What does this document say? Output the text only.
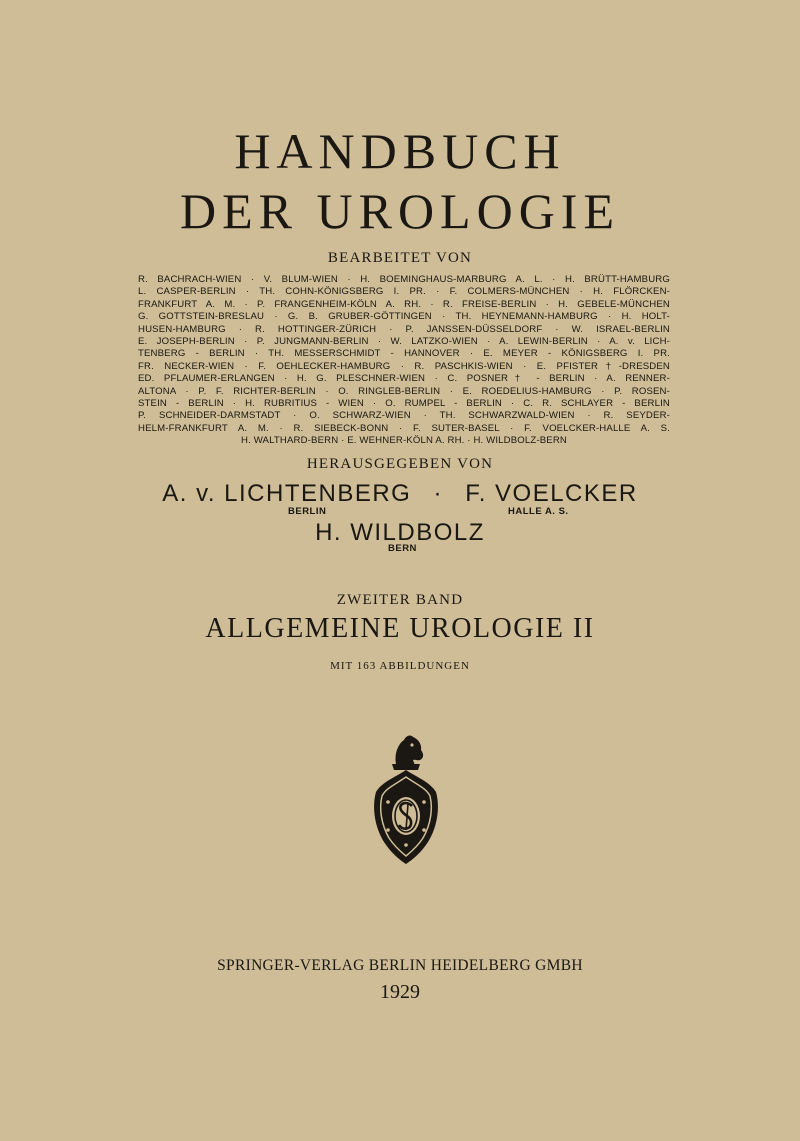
HANDBUCH
DER UROLOGIE
BEARBEITET VON
R. BACHRACH-WIEN · V. BLUM-WIEN · H. BOEMINGHAUS-MARBURG A. L. · H. BRÜTT-HAMBURG
L. CASPER-BERLIN · TH. COHN-KÖNIGSBERG I. PR. · F. COLMERS-MÜNCHEN · H. FLÖRCKEN-
FRANKFURT A. M. · P. FRANGENHEIM-KÖLN A. RH. · R. FREISE-BERLIN · H. GEBELE-MÜNCHEN
G. GOTTSTEIN-BRESLAU · G. B. GRUBER-GÖTTINGEN · TH. HEYNEMANN-HAMBURG · H. HOLT-
HUSEN-HAMBURG · R. HOTTINGER-ZÜRICH · P. JANSSEN-DÜSSELDORF · W. ISRAEL-BERLIN
E. JOSEPH-BERLIN · P. JUNGMANN-BERLIN · W. LATZKO-WIEN · A. LEWIN-BERLIN · A. v. LICH-
TENBERG - BERLIN · TH. MESSERSCHMIDT - HANNOVER · E. MEYER - KÖNIGSBERG I. PR.
FR. NECKER-WIEN · F. OEHLECKER-HAMBURG · R. PASCHKIS-WIEN · E. PFISTER†-DRESDEN
ED. PFLAUMER-ERLANGEN · H. G. PLESCHNER-WIEN · C. POSNER† - BERLIN · A. RENNER-
ALTONA · P. F. RICHTER-BERLIN · O. RINGLEB-BERLIN · E. ROEDELIUS-HAMBURG · P. ROSEN-
STEIN - BERLIN · H. RUBRITIUS - WIEN · O. RUMPEL - BERLIN · C. R. SCHLAYER - BERLIN
P. SCHNEIDER-DARMSTADT · O. SCHWARZ-WIEN · TH. SCHWARZWALD-WIEN · R. SEYDER-
HELM-FRANKFURT A. M. · R. SIEBECK-BONN · F. SUTER-BASEL · F. VOELCKER-HALLE A. S.
H. WALTHARD-BERN · E. WEHNER-KÖLN A. RH. · H. WILDBOLZ-BERN
HERAUSGEGEBEN VON
A. v. LICHTENBERG · F. VOELCKER
BERLIN	HALLE A. S.
H. WILDBOLZ
BERN
ZWEITER BAND
ALLGEMEINE UROLOGIE II
MIT 163 ABBILDUNGEN
SPRINGER-VERLAG BERLIN HEIDELBERG GMBH
1929
